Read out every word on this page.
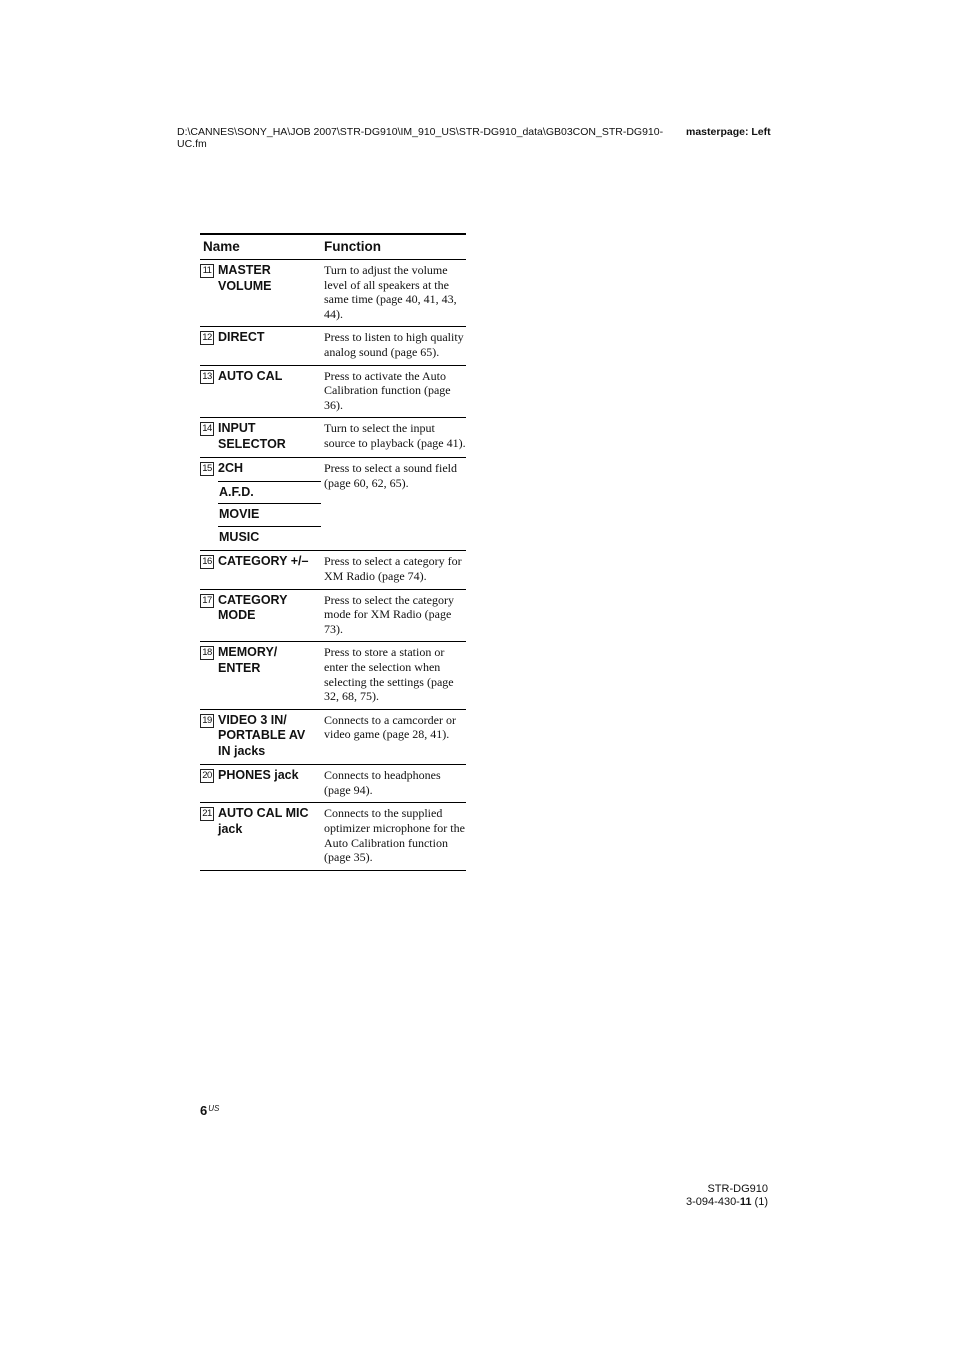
D:\CANNES\SONY_HA\JOB 2007\STR-DG910\IM_910_US\STR-DG910_data\GB03CON_STR-DG910-UC.fm
masterpage: Left
Name	Function

11 MASTER VOLUME	Turn to adjust the volume level of all speakers at the same time (page 40, 41, 43, 44).

12 DIRECT	Press to listen to high quality analog sound (page 65).

13 AUTO CAL	Press to activate the Auto Calibration function (page 36).

14 INPUT SELECTOR	Turn to select the input source to playback (page 41).

15 2CH
A.F.D.
MOVIE
MUSIC	Press to select a sound field (page 60, 62, 65).

16 CATEGORY +/–	Press to select a category for XM Radio (page 74).

17 CATEGORY MODE	Press to select the category mode for XM Radio (page 73).

18 MEMORY/ ENTER	Press to store a station or enter the selection when selecting the settings (page 32, 68, 75).

19 VIDEO 3 IN/ PORTABLE AV IN jacks	Connects to a camcorder or video game (page 28, 41).

20 PHONES jack	Connects to headphones (page 94).

21 AUTO CAL MIC jack	Connects to the supplied optimizer microphone for the Auto Calibration function (page 35).
$6^{US}$
STR-DG910
3-094-430-11 (1)
